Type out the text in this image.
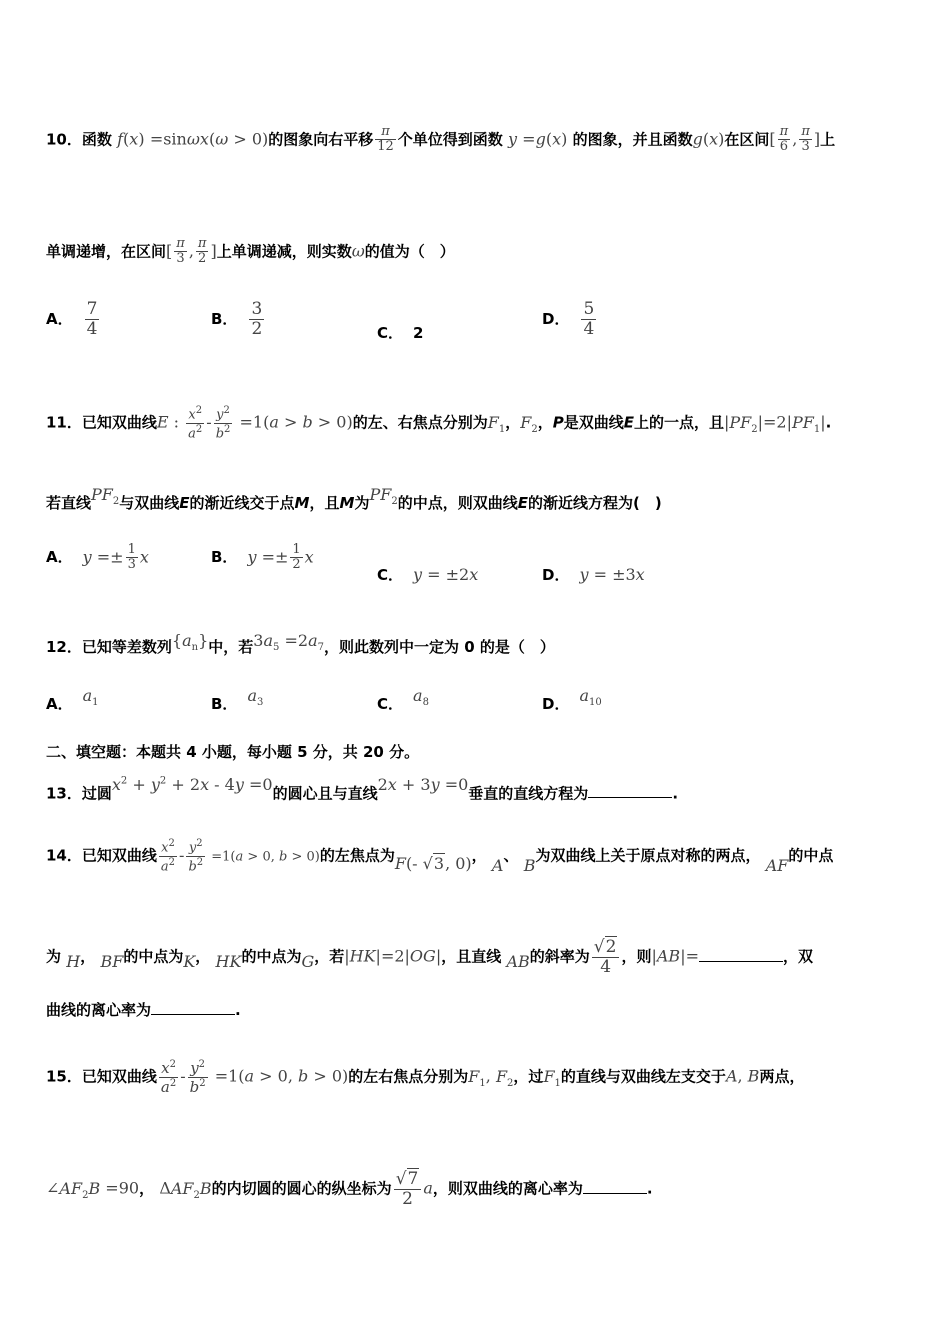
10．函数 f(x) =sinωx(ω > 0)的图象向右平移 $\frac{\pi}{12}$ 个单位得到函数 y =g(x) 的图象，并且函数g(x)在区间[ $\frac{\pi}{6}$ , $\frac{\pi}{3}$ ]上
单调递增，在区间[ $\frac{\pi}{3}$ , $\frac{\pi}{2}$ ]上单调递减，则实数ω的值为（　）
A． $\frac{7}{4}$	B． $\frac{3}{2}$	C． 2
D． $\frac{5}{4}$
11．已知双曲线E : $\frac{x^2}{a^2} - \frac{y^2}{b^2} =1(a > b > 0)$的左、右焦点分别为$F_1$，$F_2$，P是双曲线E上的一点，且$|PF_2|=2|PF_1|$.
若直线$PF_2$与双曲线E的渐近线交于点M，且M为$PF_2$的中点，则双曲线E的渐近线方程为(　)
A． $y =\pm \frac{1}{3}$ x	B． $y =\pm \frac{1}{2}$ x
C． y = ±2x	D． y = ±3x
12．已知等差数列$\{a_n\}$中，若$3a_5 =2a_7$，则此数列中一定为 0 的是（　）
A． $a_1$	B． $a_3$	C． $a_8$	D． $a_{10}$
二、填空题：本题共 4 小题，每小题 5 分，共 20 分。
13．过圆$x^2 + y^2 + 2x - 4y =0$的圆心且与直线2x + 3y =0垂直的直线方程为	.
14．已知双曲线 $\frac{x^2}{a^2} - \frac{y^2}{b^2} =1(a > 0$, b > 0)的左焦点为F(- √3, 0)， A、 B为双曲线上关于原点对称的两点， AF的中点
为 H， BF的中点为K， HK的中点为G，若|HK|=2|OG|，且直线 AB的斜率为 $\frac{√2}{4}$ ，则|AB|=	，双
曲线的离心率为	.
15．已知双曲线 $\frac{x^2}{a^2} - \frac{y^2}{b^2} =1(a > 0$, b > 0)的左右焦点分别为$F_1$, $F_2$，过$F_1$的直线与双曲线左支交于A, B两点，
$\angle AF_2B =90$， $\Delta AF_2B$的内切圆的圆心的纵坐标为 $\frac{√7}{2}$ a，则双曲线的离心率为	.
